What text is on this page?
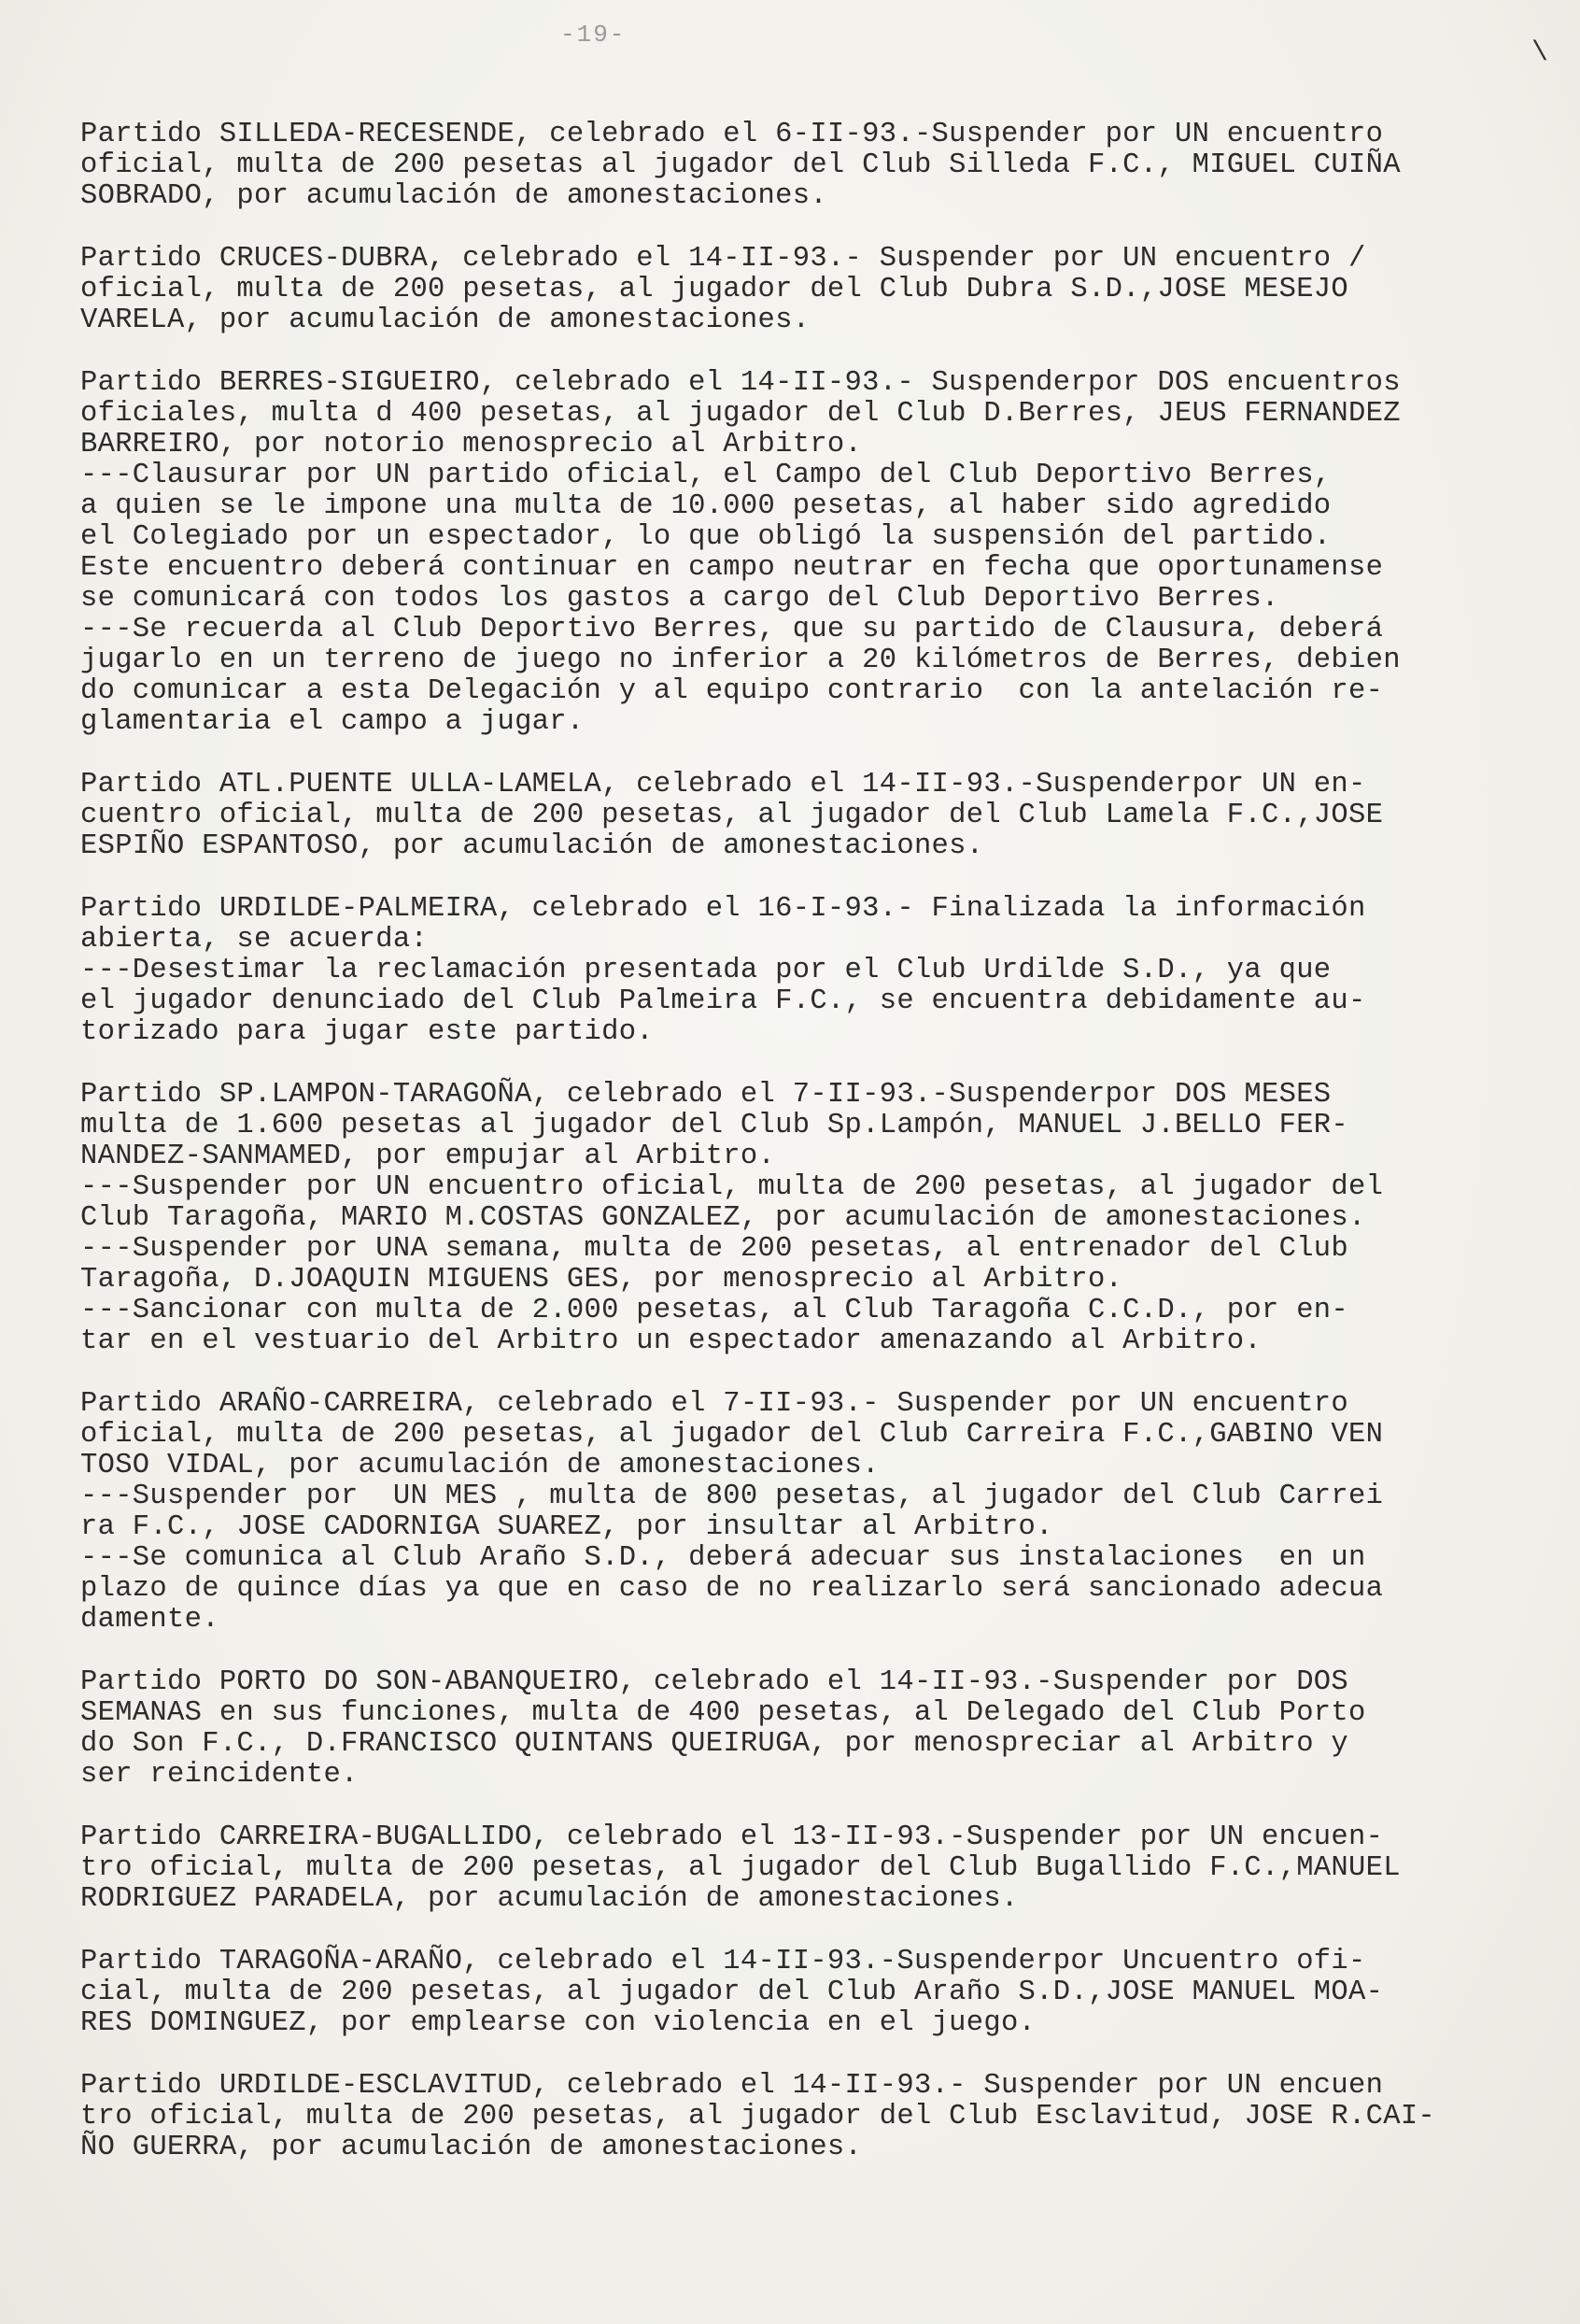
-19-
\

Partido SILLEDA-RECESENDE, celebrado el 6-II-93.-Suspender por UN encuentro

oficial, multa de 200 pesetas al jugador del Club Silleda F.C., MIGUEL CUIÑA

SOBRADO, por acumulación de amonestaciones.

Partido CRUCES-DUBRA, celebrado el 14-II-93.- Suspender por UN encuentro /

oficial, multa de 200 pesetas, al jugador del Club Dubra S.D.,JOSE MESEJO

VARELA, por acumulación de amonestaciones.

Partido BERRES-SIGUEIRO, celebrado el 14-II-93.- Suspenderpor DOS encuentros

oficiales, multa d 400 pesetas, al jugador del Club D.Berres, JEUS FERNANDEZ

BARREIRO, por notorio menosprecio al Arbitro.

---Clausurar por UN partido oficial, el Campo del Club Deportivo Berres,

a quien se le impone una multa de 10.000 pesetas, al haber sido agredido

el Colegiado por un espectador, lo que obligó la suspensión del partido.

Este encuentro deberá continuar en campo neutrar en fecha que oportunamense

se comunicará con todos los gastos a cargo del Club Deportivo Berres.

---Se recuerda al Club Deportivo Berres, que su partido de Clausura, deberá

jugarlo en un terreno de juego no inferior a 20 kilómetros de Berres, debien

do comunicar a esta Delegación y al equipo contrario  con la antelación re-

glamentaria el campo a jugar.

Partido ATL.PUENTE ULLA-LAMELA, celebrado el 14-II-93.-Suspenderpor UN en-

cuentro oficial, multa de 200 pesetas, al jugador del Club Lamela F.C.,JOSE

ESPIÑO ESPANTOSO, por acumulación de amonestaciones.

Partido URDILDE-PALMEIRA, celebrado el 16-I-93.- Finalizada la información

abierta, se acuerda:

---Desestimar la reclamación presentada por el Club Urdilde S.D., ya que

el jugador denunciado del Club Palmeira F.C., se encuentra debidamente au-

torizado para jugar este partido.

Partido SP.LAMPON-TARAGOÑA, celebrado el 7-II-93.-Suspenderpor DOS MESES

multa de 1.600 pesetas al jugador del Club Sp.Lampón, MANUEL J.BELLO FER-

NANDEZ-SANMAMED, por empujar al Arbitro.

---Suspender por UN encuentro oficial, multa de 200 pesetas, al jugador del

Club Taragoña, MARIO M.COSTAS GONZALEZ, por acumulación de amonestaciones.

---Suspender por UNA semana, multa de 200 pesetas, al entrenador del Club

Taragoña, D.JOAQUIN MIGUENS GES, por menosprecio al Arbitro.

---Sancionar con multa de 2.000 pesetas, al Club Taragoña C.C.D., por en-

tar en el vestuario del Arbitro un espectador amenazando al Arbitro.

Partido ARAÑO-CARREIRA, celebrado el 7-II-93.- Suspender por UN encuentro

oficial, multa de 200 pesetas, al jugador del Club Carreira F.C.,GABINO VEN

TOSO VIDAL, por acumulación de amonestaciones.

---Suspender por  UN MES , multa de 800 pesetas, al jugador del Club Carrei

ra F.C., JOSE CADORNIGA SUAREZ, por insultar al Arbitro.

---Se comunica al Club Araño S.D., deberá adecuar sus instalaciones  en un

plazo de quince días ya que en caso de no realizarlo será sancionado adecua

damente.

Partido PORTO DO SON-ABANQUEIRO, celebrado el 14-II-93.-Suspender por DOS

SEMANAS en sus funciones, multa de 400 pesetas, al Delegado del Club Porto

do Son F.C., D.FRANCISCO QUINTANS QUEIRUGA, por menospreciar al Arbitro y

ser reincidente.

Partido CARREIRA-BUGALLIDO, celebrado el 13-II-93.-Suspender por UN encuen-

tro oficial, multa de 200 pesetas, al jugador del Club Bugallido F.C.,MANUEL

RODRIGUEZ PARADELA, por acumulación de amonestaciones.

Partido TARAGOÑA-ARAÑO, celebrado el 14-II-93.-Suspenderpor Uncuentro ofi-

cial, multa de 200 pesetas, al jugador del Club Araño S.D.,JOSE MANUEL MOA-

RES DOMINGUEZ, por emplearse con violencia en el juego.

Partido URDILDE-ESCLAVITUD, celebrado el 14-II-93.- Suspender por UN encuen

tro oficial, multa de 200 pesetas, al jugador del Club Esclavitud, JOSE R.CAI-

ÑO GUERRA, por acumulación de amonestaciones.
